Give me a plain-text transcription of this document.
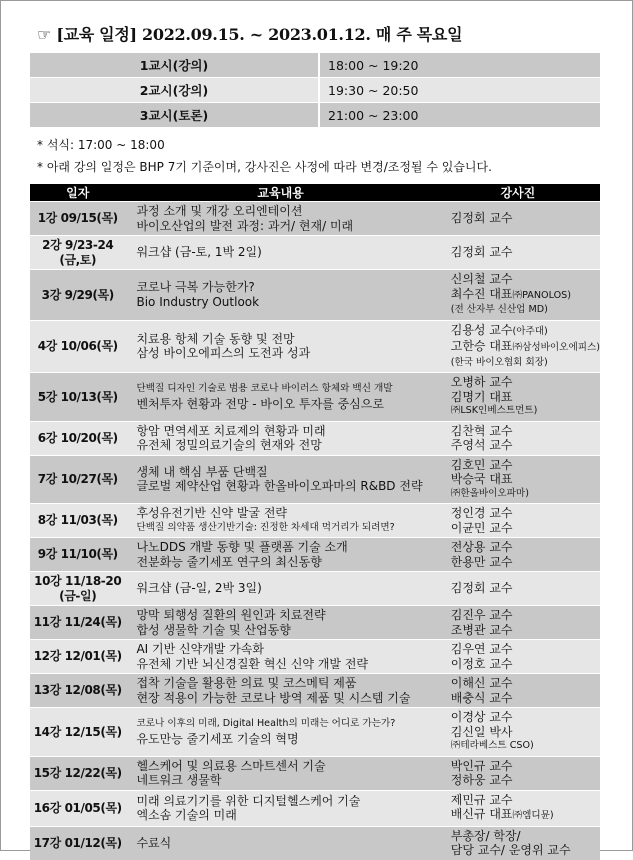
☞ [교육 일정] 2022.09.15. ~ 2023.01.12. 매 주 목요일
1교시(강의)	18:00 ~ 19:20
2교시(강의)	19:30 ~ 20:50
3교시(토론)	21:00 ~ 23:00
* 석식: 17:00 ~ 18:00
* 아래 강의 일정은 BHP 7기 기준이며, 강사진은 사정에 따라 변경/조정될 수 있습니다.
일자	교육내용	강사진

1강 09/15(목)	과정 소개 및 개강 오리엔테이션
바이오산업의 발전 과정: 과거/ 현재/ 미래	김정회 교수

2강 9/23-24
(금,토)	워크샵 (금-토, 1박 2일)	김정회 교수

3강 9/29(목)	코로나 극복 가능한가?
Bio Industry Outlook	신의철 교수
최수진 대표㈜PANOLOS)
(전 산자부 신산업 MD)

4강 10/06(목)	치료용 항체 기술 동향 및 전망
삼성 바이오에피스의 도전과 성과	김용성 교수(아주대)
고한승 대표㈜삼성바이오에피스)
(한국 바이오협회 회장)

5강 10/13(목)	단백질 디자인 기술로 범용 코로나 바이러스 항체와 백신 개발
벤처투자 현황과 전망 - 바이오 투자를 중심으로	오병하 교수
김명기 대표
㈜LSK인베스트먼트)

6강 10/20(목)	항암 면역세포 치료제의 현황과 미래
유전체 정밀의료기술의 현재와 전망	김찬혁 교수
주영석 교수

7강 10/27(목)	생체 내 핵심 부품 단백질
글로벌 제약산업 현황과 한올바이오파마의 R&BD 전략	김호민 교수
박승국 대표
㈜한올바이오파마)

8강 11/03(목)	후성유전기반 신약 발굴 전략
단백질 의약품 생산기반기술: 진정한 차세대 먹거리가 되려면?	정인경 교수
이균민 교수

9강 11/10(목)	나노DDS 개발 동향 및 플랫폼 기술 소개
전분화능 줄기세포 연구의 최신동향	전상용 교수
한용만 교수

10강 11/18-20
(금-일)	워크샵 (금-일, 2박 3일)	김정회 교수

11강 11/24(목)	망막 퇴행성 질환의 원인과 치료전략
합성 생물학 기술 및 산업동향	김진우 교수
조병관 교수

12강 12/01(목)	AI 기반 신약개발 가속화
유전체 기반 뇌신경질환 혁신 신약 개발 전략	김우연 교수
이정호 교수

13강 12/08(목)	접착 기술을 활용한 의료 및 코스메틱 제품
현장 적용이 가능한 코로나 방역 제품 및 시스템 기술	이해신 교수
배충식 교수

14강 12/15(목)	코로나 이후의 미래, Digital Health의 미래는 어디로 가는가?
유도만능 줄기세포 기술의 혁명	이경상 교수
김신일 박사
㈜테라베스트 CSO)

15강 12/22(목)	헬스케어 및 의료용 스마트센서 기술
네트워크 생물학	박인규 교수
정하웅 교수

16강 01/05(목)	미래 의료기기를 위한 디지털헬스케어 기술
엑소솜 기술의 미래	제민규 교수
배신규 대표㈜엠디뮨)

17강 01/12(목)	수료식	부총장/ 학장/
담당 교수/ 운영위 교수
